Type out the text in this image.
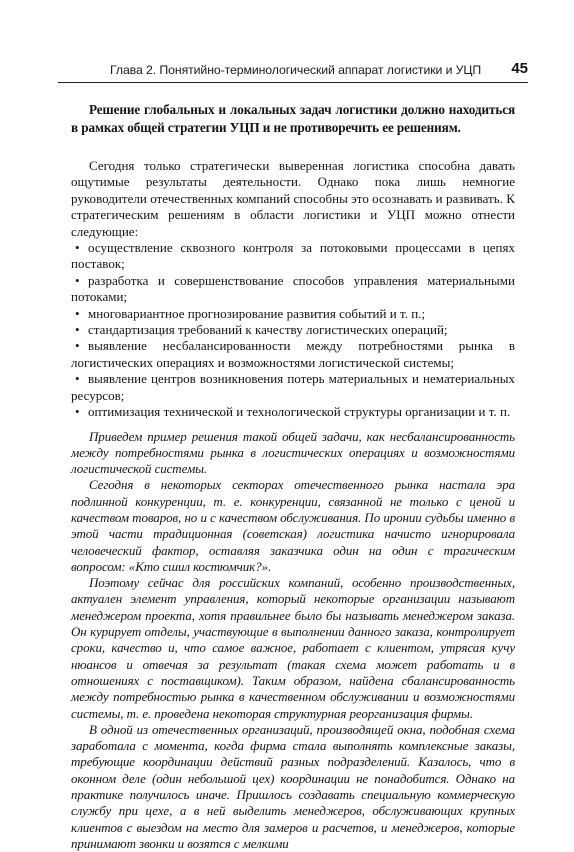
Глава 2. Понятийно-терминологический аппарат логистики и УЦП 45

Решение глобальных и локальных задач логистики должно находиться в рамках общей стратегии УЦП и не противоречить ее решениям.

Сегодня только стратегически выверенная логистика способна давать ощутимые результаты деятельности. Однако пока лишь немногие руководители отечественных компаний способны это осознавать и развивать. К стратегическим решениям в области логистики и УЦП можно отнести следующие:

• осуществление сквозного контроля за потоковыми процессами в цепях поставок;
• разработка и совершенствование способов управления материальными потоками;
• многовариантное прогнозирование развития событий и т. п.;
• стандартизация требований к качеству логистических операций;
• выявление несбалансированности между потребностями рынка в логистических операциях и возможностями логистической системы;
• выявление центров возникновения потерь материальных и нематериальных ресурсов;
• оптимизация технической и технологической структуры организации и т. п.

Приведем пример решения такой общей задачи, как несбалансированность между потребностями рынка в логистических операциях и возможностями логистической системы.

Сегодня в некоторых секторах отечественного рынка настала эра подлинной конкуренции, т. е. конкуренции, связанной не только с ценой и качеством товаров, но и с качеством обслуживания. По иронии судьбы именно в этой части традиционная (советская) логистика начисто игнорировала человеческий фактор, оставляя заказчика один на один с трагическим вопросом: «Кто сшил костюмчик?».

Поэтому сейчас для российских компаний, особенно производственных, актуален элемент управления, который некоторые организации называют менеджером проекта, хотя правильнее было бы называть менеджером заказа. Он курирует отделы, участвующие в выполнении данного заказа, контролирует сроки, качество и, что самое важное, работает с клиентом, утрясая кучу нюансов и отвечая за результат (такая схема может работать и в отношениях с поставщиком). Таким образом, найдена сбалансированность между потребностью рынка в качественном обслуживании и возможностями системы, т. е. проведена некоторая структурная реорганизация фирмы.

В одной из отечественных организаций, производящей окна, подобная схема заработала с момента, когда фирма стала выполнять комплексные заказы, требующие координации действий разных подразделений. Казалось, что в оконном деле (один небольшой цех) координации не понадобится. Однако на практике получилось иначе. Пришлось создавать специальную коммерческую службу при цехе, а в ней выделить менеджеров, обслуживающих крупных клиентов с выездом на место для замеров и расчетов, и менеджеров, которые принимают звонки и возятся с мелкими
